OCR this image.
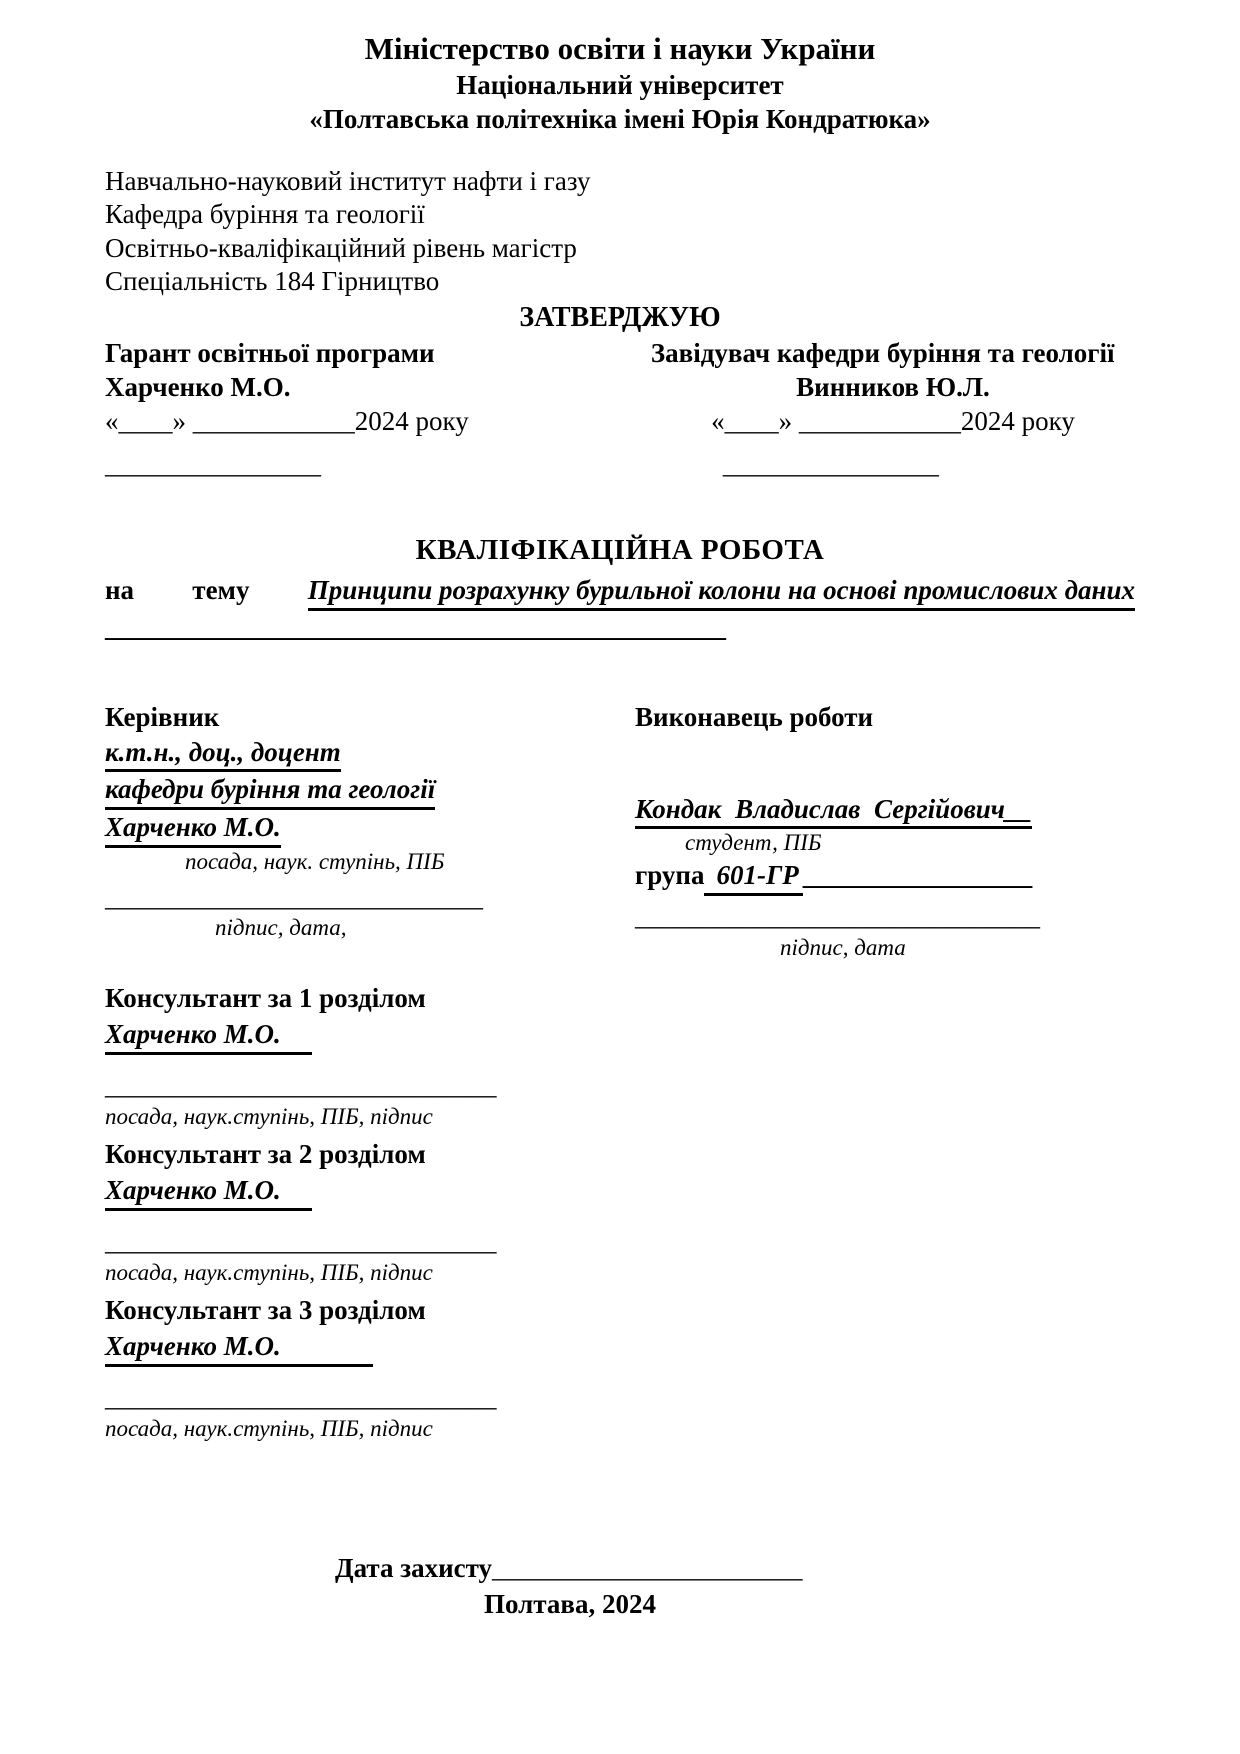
Міністерство освіти і науки України
Національний університет
«Полтавська політехніка імені Юрія Кондратюка»
Навчально-науковий інститут нафти і газу
Кафедра буріння та геології
Освітньо-кваліфікаційний рівень магістр
Спеціальність 184 Гірництво
ЗАТВЕРДЖУЮ
Гарант освітньої програми
Харченко М.О.
«____» ____________2024 року
Завідувач кафедри буріння та геології
Винников Ю.Л.
«____» ____________2024 року
________________	________________
КВАЛІФІКАЦІЙНА РОБОТА
на тему Принципи розрахунку бурильної колони на основі промислових даних
______________________________________________
Керівник
к.т.н., доц., доцент
кафедри буріння та геології
Харченко М.О.
посада, наук. ступінь, ПІБ
____________________________
підпис, дата,
Виконавець роботи
Кондак Владислав Сергійович__
студент, ПІБ
група 601-ГР _________________
______________________________
підпис, дата
Консультант за 1 розділом
Харченко М.О.
_____________________________
посада, наук.ступінь, ПІБ, підпис
Консультант за 2 розділом
Харченко М.О.
_____________________________
посада, наук.ступінь, ПІБ, підпис
Консультант за 3 розділом
Харченко М.О.
_____________________________
посада, наук.ступінь, ПІБ, підпис
Дата захисту_______________________
Полтава, 2024
